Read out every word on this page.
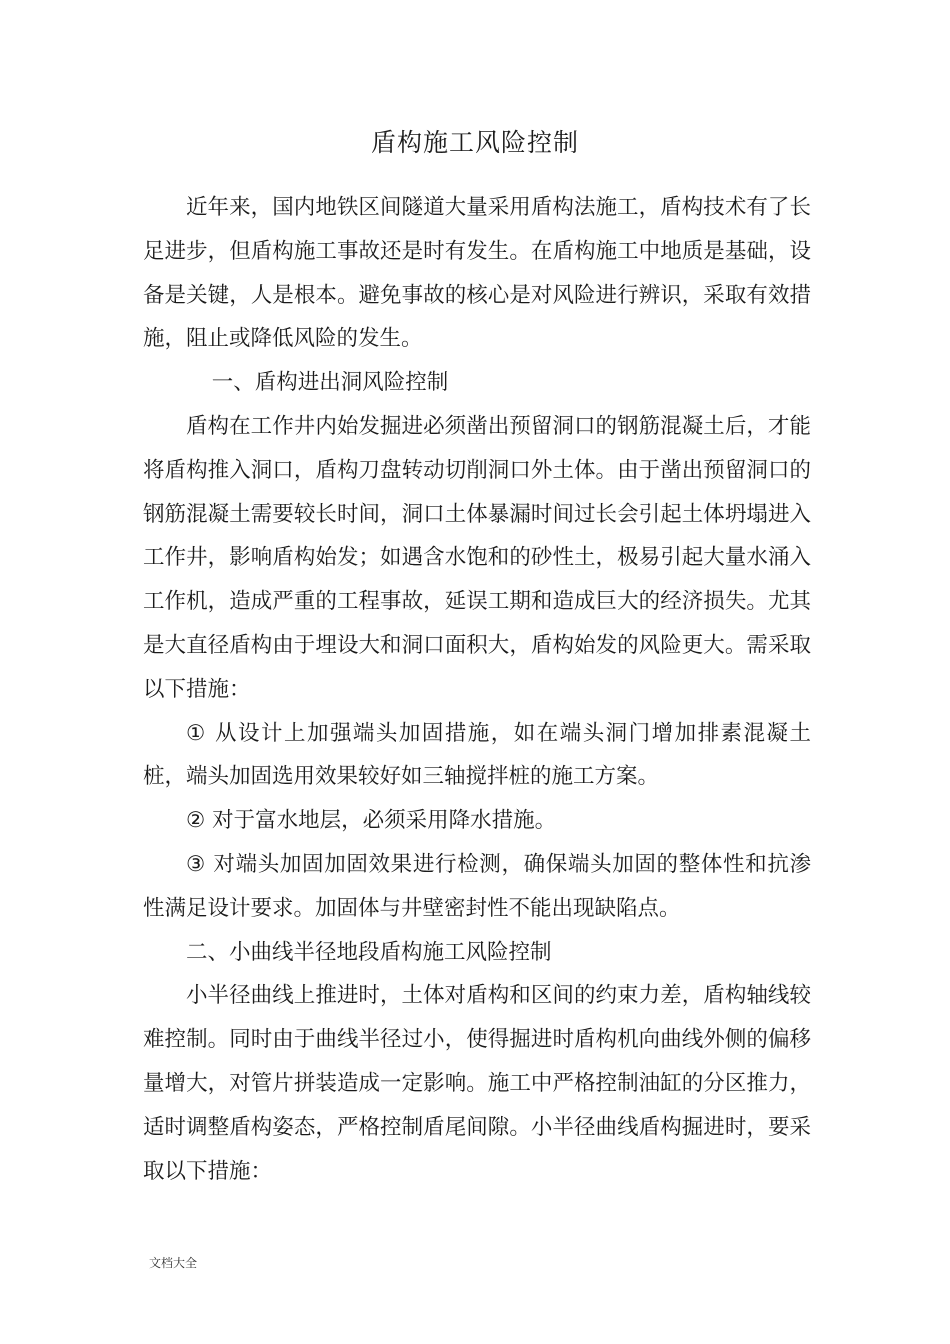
盾构施工风险控制

近年来，国内地铁区间隧道大量采用盾构法施工，盾构技术有了长足进步，但盾构施工事故还是时有发生。在盾构施工中地质是基础，设备是关键，人是根本。避免事故的核心是对风险进行辨识，采取有效措施，阻止或降低风险的发生。

一、盾构进出洞风险控制

盾构在工作井内始发掘进必须凿出预留洞口的钢筋混凝土后，才能将盾构推入洞口，盾构刀盘转动切削洞口外土体。由于凿出预留洞口的钢筋混凝土需要较长时间，洞口土体暴漏时间过长会引起土体坍塌进入工作井，影响盾构始发；如遇含水饱和的砂性土，极易引起大量水涌入工作机，造成严重的工程事故，延误工期和造成巨大的经济损失。尤其是大直径盾构由于埋设大和洞口面积大，盾构始发的风险更大。需采取以下措施：

① 从设计上加强端头加固措施，如在端头洞门增加排素混凝土桩，端头加固选用效果较好如三轴搅拌桩的施工方案。

② 对于富水地层，必须采用降水措施。

③ 对端头加固加固效果进行检测，确保端头加固的整体性和抗渗性满足设计要求。加固体与井壁密封性不能出现缺陷点。

二、小曲线半径地段盾构施工风险控制

小半径曲线上推进时，土体对盾构和区间的约束力差，盾构轴线较难控制。同时由于曲线半径过小，使得掘进时盾构机向曲线外侧的偏移量增大，对管片拼装造成一定影响。施工中严格控制油缸的分区推力，适时调整盾构姿态，严格控制盾尾间隙。小半径曲线盾构掘进时，要采取以下措施：

文档大全
